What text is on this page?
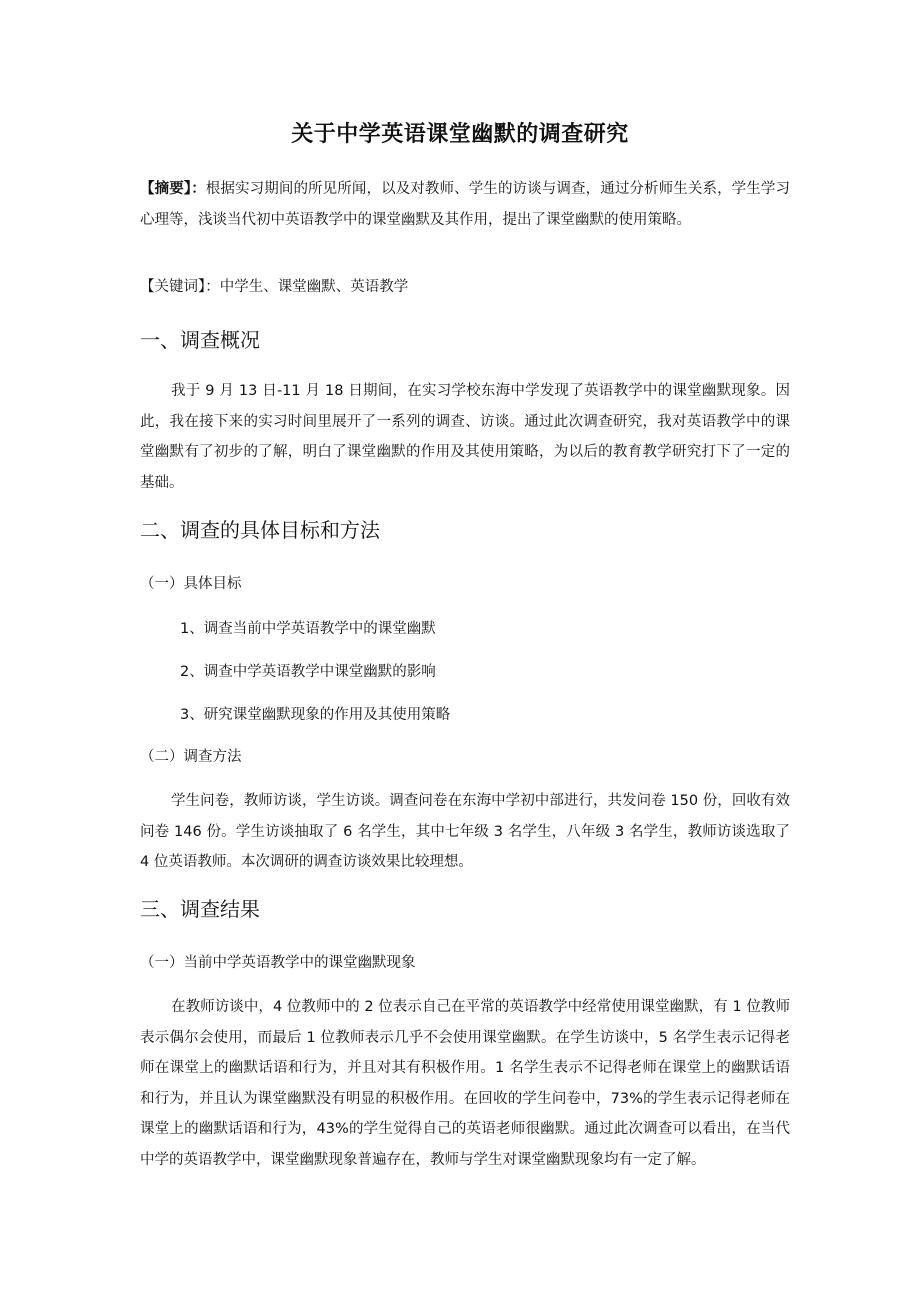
关于中学英语课堂幽默的调查研究
【摘要】：根据实习期间的所见所闻，以及对教师、学生的访谈与调查，通过分析师生关系，学生学习心理等，浅谈当代初中英语教学中的课堂幽默及其作用，提出了课堂幽默的使用策略。
【关键词】：中学生、课堂幽默、英语教学
一、调查概况
我于 9 月 13 日-11 月 18 日期间，在实习学校东海中学发现了英语教学中的课堂幽默现象。因此，我在接下来的实习时间里展开了一系列的调查、访谈。通过此次调查研究，我对英语教学中的课堂幽默有了初步的了解，明白了课堂幽默的作用及其使用策略，为以后的教育教学研究打下了一定的基础。
二、调查的具体目标和方法
（一）具体目标
1、调查当前中学英语教学中的课堂幽默
2、调查中学英语教学中课堂幽默的影响
3、研究课堂幽默现象的作用及其使用策略
（二）调查方法
学生问卷，教师访谈，学生访谈。调查问卷在东海中学初中部进行，共发问卷 150 份，回收有效问卷 146 份。学生访谈抽取了 6 名学生，其中七年级 3 名学生，八年级 3 名学生，教师访谈选取了 4 位英语教师。本次调研的调查访谈效果比较理想。
三、调查结果
（一）当前中学英语教学中的课堂幽默现象
在教师访谈中，4 位教师中的 2 位表示自己在平常的英语教学中经常使用课堂幽默，有 1 位教师表示偶尔会使用，而最后 1 位教师表示几乎不会使用课堂幽默。在学生访谈中，5 名学生表示记得老师在课堂上的幽默话语和行为，并且对其有积极作用。1 名学生表示不记得老师在课堂上的幽默话语和行为，并且认为课堂幽默没有明显的积极作用。在回收的学生问卷中，73%的学生表示记得老师在课堂上的幽默话语和行为，43%的学生觉得自己的英语老师很幽默。通过此次调查可以看出，在当代中学的英语教学中，课堂幽默现象普遍存在，教师与学生对课堂幽默现象均有一定了解。
